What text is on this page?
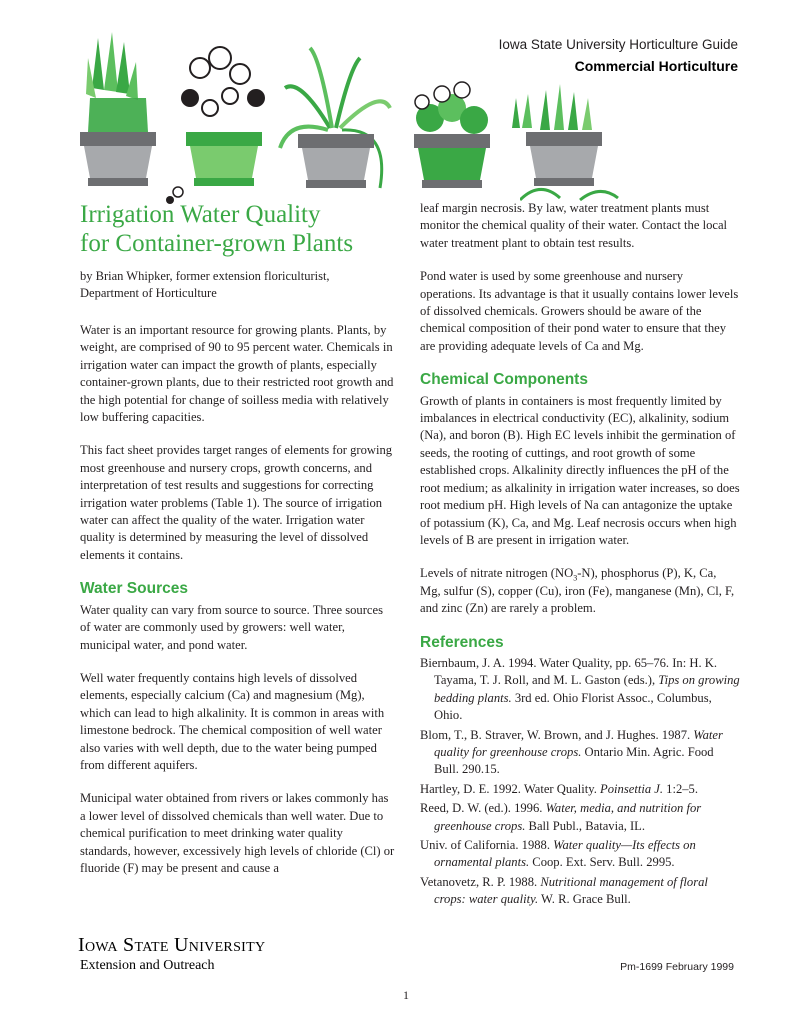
Iowa State University Horticulture Guide
Commercial Horticulture
Irrigation Water Quality
for Container-grown Plants
by Brian Whipker, former extension floriculturist,
Department of Horticulture

Water is an important resource for growing plants. Plants, by weight, are comprised of 90 to 95 percent water. Chemicals in irrigation water can impact the growth of plants, especially container-grown plants, due to their restricted root growth and the high potential for change of soilless media with relatively low buffering capacities.

This fact sheet provides target ranges of elements for growing most greenhouse and nursery crops, growth concerns, and interpretation of test results and suggestions for correcting irrigation water problems (Table 1). The source of irrigation water can affect the quality of the water. Irrigation water quality is determined by measuring the level of dissolved elements it contains.

Water Sources

Water quality can vary from source to source. Three sources of water are commonly used by growers: well water, municipal water, and pond water.

Well water frequently contains high levels of dissolved elements, especially calcium (Ca) and magnesium (Mg), which can lead to high alkalinity. It is common in areas with limestone bedrock. The chemical composition of well water also varies with well depth, due to the water being pumped from different aquifers.

Municipal water obtained from rivers or lakes commonly has a lower level of dissolved chemicals than well water. Due to chemical purification to meet drinking water quality standards, however, excessively high levels of chloride (Cl) or fluoride (F) may be present and cause a

leaf margin necrosis. By law, water treatment plants must monitor the chemical quality of their water. Contact the local water treatment plant to obtain test results.

Pond water is used by some greenhouse and nursery operations. Its advantage is that it usually contains lower levels of dissolved chemicals. Growers should be aware of the chemical composition of their pond water to ensure that they are providing adequate levels of Ca and Mg.

Chemical Components

Growth of plants in containers is most frequently limited by imbalances in electrical conductivity (EC), alkalinity, sodium (Na), and boron (B). High EC levels inhibit the germination of seeds, the rooting of cuttings, and root growth of some established crops. Alkalinity directly influences the pH of the root medium; as alkalinity in irrigation water increases, so does root medium pH. High levels of Na can antagonize the uptake of potassium (K), Ca, and Mg. Leaf necrosis occurs when high levels of B are present in irrigation water.

Levels of nitrate nitrogen $(NO_3-N)$, phosphorus (P), K, Ca, Mg, sulfur (S), copper (Cu), iron (Fe), manganese (Mn), Cl, F, and zinc (Zn) are rarely a problem.

References

Biernbaum, J. A. 1994. Water Quality, pp. 65–76. In: H. K. Tayama, T. J. Roll, and M. L. Gaston (eds.), Tips on growing bedding plants. 3rd ed. Ohio Florist Assoc., Columbus, Ohio.

Blom, T., B. Straver, W. Brown, and J. Hughes. 1987. Water quality for greenhouse crops. Ontario Min. Agric. Food Bull. 290.15.

Hartley, D. E. 1992. Water Quality. Poinsettia J. 1:2–5.

Reed, D. W. (ed.). 1996. Water, media, and nutrition for greenhouse crops. Ball Publ., Batavia, IL.

Univ. of California. 1988. Water quality—Its effects on ornamental plants. Coop. Ext. Serv. Bull. 2995.

Vetanovetz, R. P. 1988. Nutritional management of floral crops: water quality. W. R. Grace Bull.

Iowa State University
Extension and Outreach	Pm-1699 February 1999
1
